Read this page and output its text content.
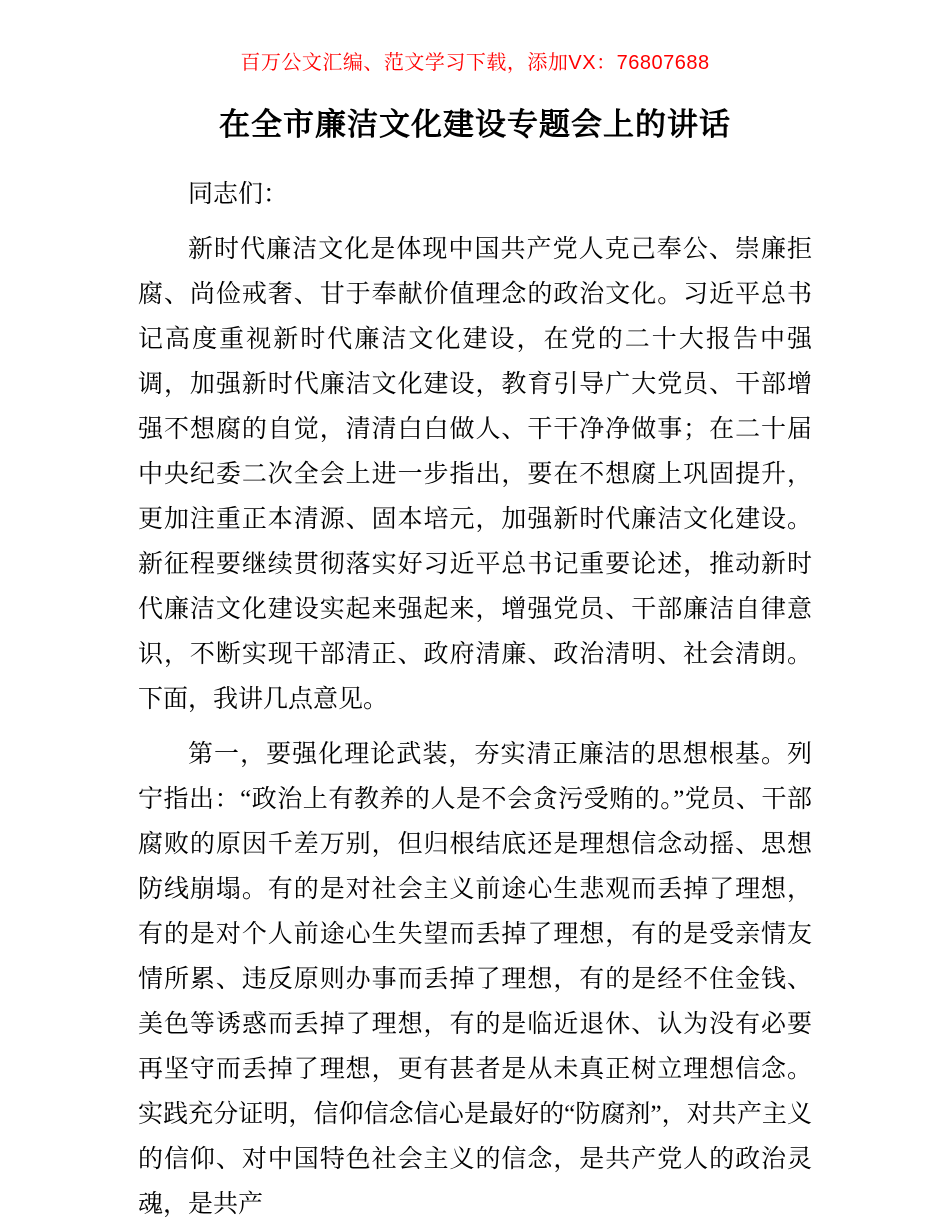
百万公文汇编、范文学习下载，添加VX：76807688
在全市廉洁文化建设专题会上的讲话

同志们：

新时代廉洁文化是体现中国共产党人克己奉公、崇廉拒腐、尚俭戒奢、甘于奉献价值理念的政治文化。习近平总书记高度重视新时代廉洁文化建设，在党的二十大报告中强调，加强新时代廉洁文化建设，教育引导广大党员、干部增强不想腐的自觉，清清白白做人、干干净净做事；在二十届中央纪委二次全会上进一步指出，要在不想腐上巩固提升，更加注重正本清源、固本培元，加强新时代廉洁文化建设。新征程要继续贯彻落实好习近平总书记重要论述，推动新时代廉洁文化建设实起来强起来，增强党员、干部廉洁自律意识，不断实现干部清正、政府清廉、政治清明、社会清朗。下面，我讲几点意见。

第一，要强化理论武装，夯实清正廉洁的思想根基。列宁指出：“政治上有教养的人是不会贪污受贿的。”党员、干部腐败的原因千差万别，但归根结底还是理想信念动摇、思想防线崩塌。有的是对社会主义前途心生悲观而丢掉了理想，有的是对个人前途心生失望而丢掉了理想，有的是受亲情友情所累、违反原则办事而丢掉了理想，有的是经不住金钱、美色等诱惑而丢掉了理想，有的是临近退休、认为没有必要再坚守而丢掉了理想，更有甚者是从未真正树立理想信念。实践充分证明，信仰信念信心是最好的“防腐剂”，对共产主义的信仰、对中国特色社会主义的信念，是共产党人的政治灵魂，是共产
